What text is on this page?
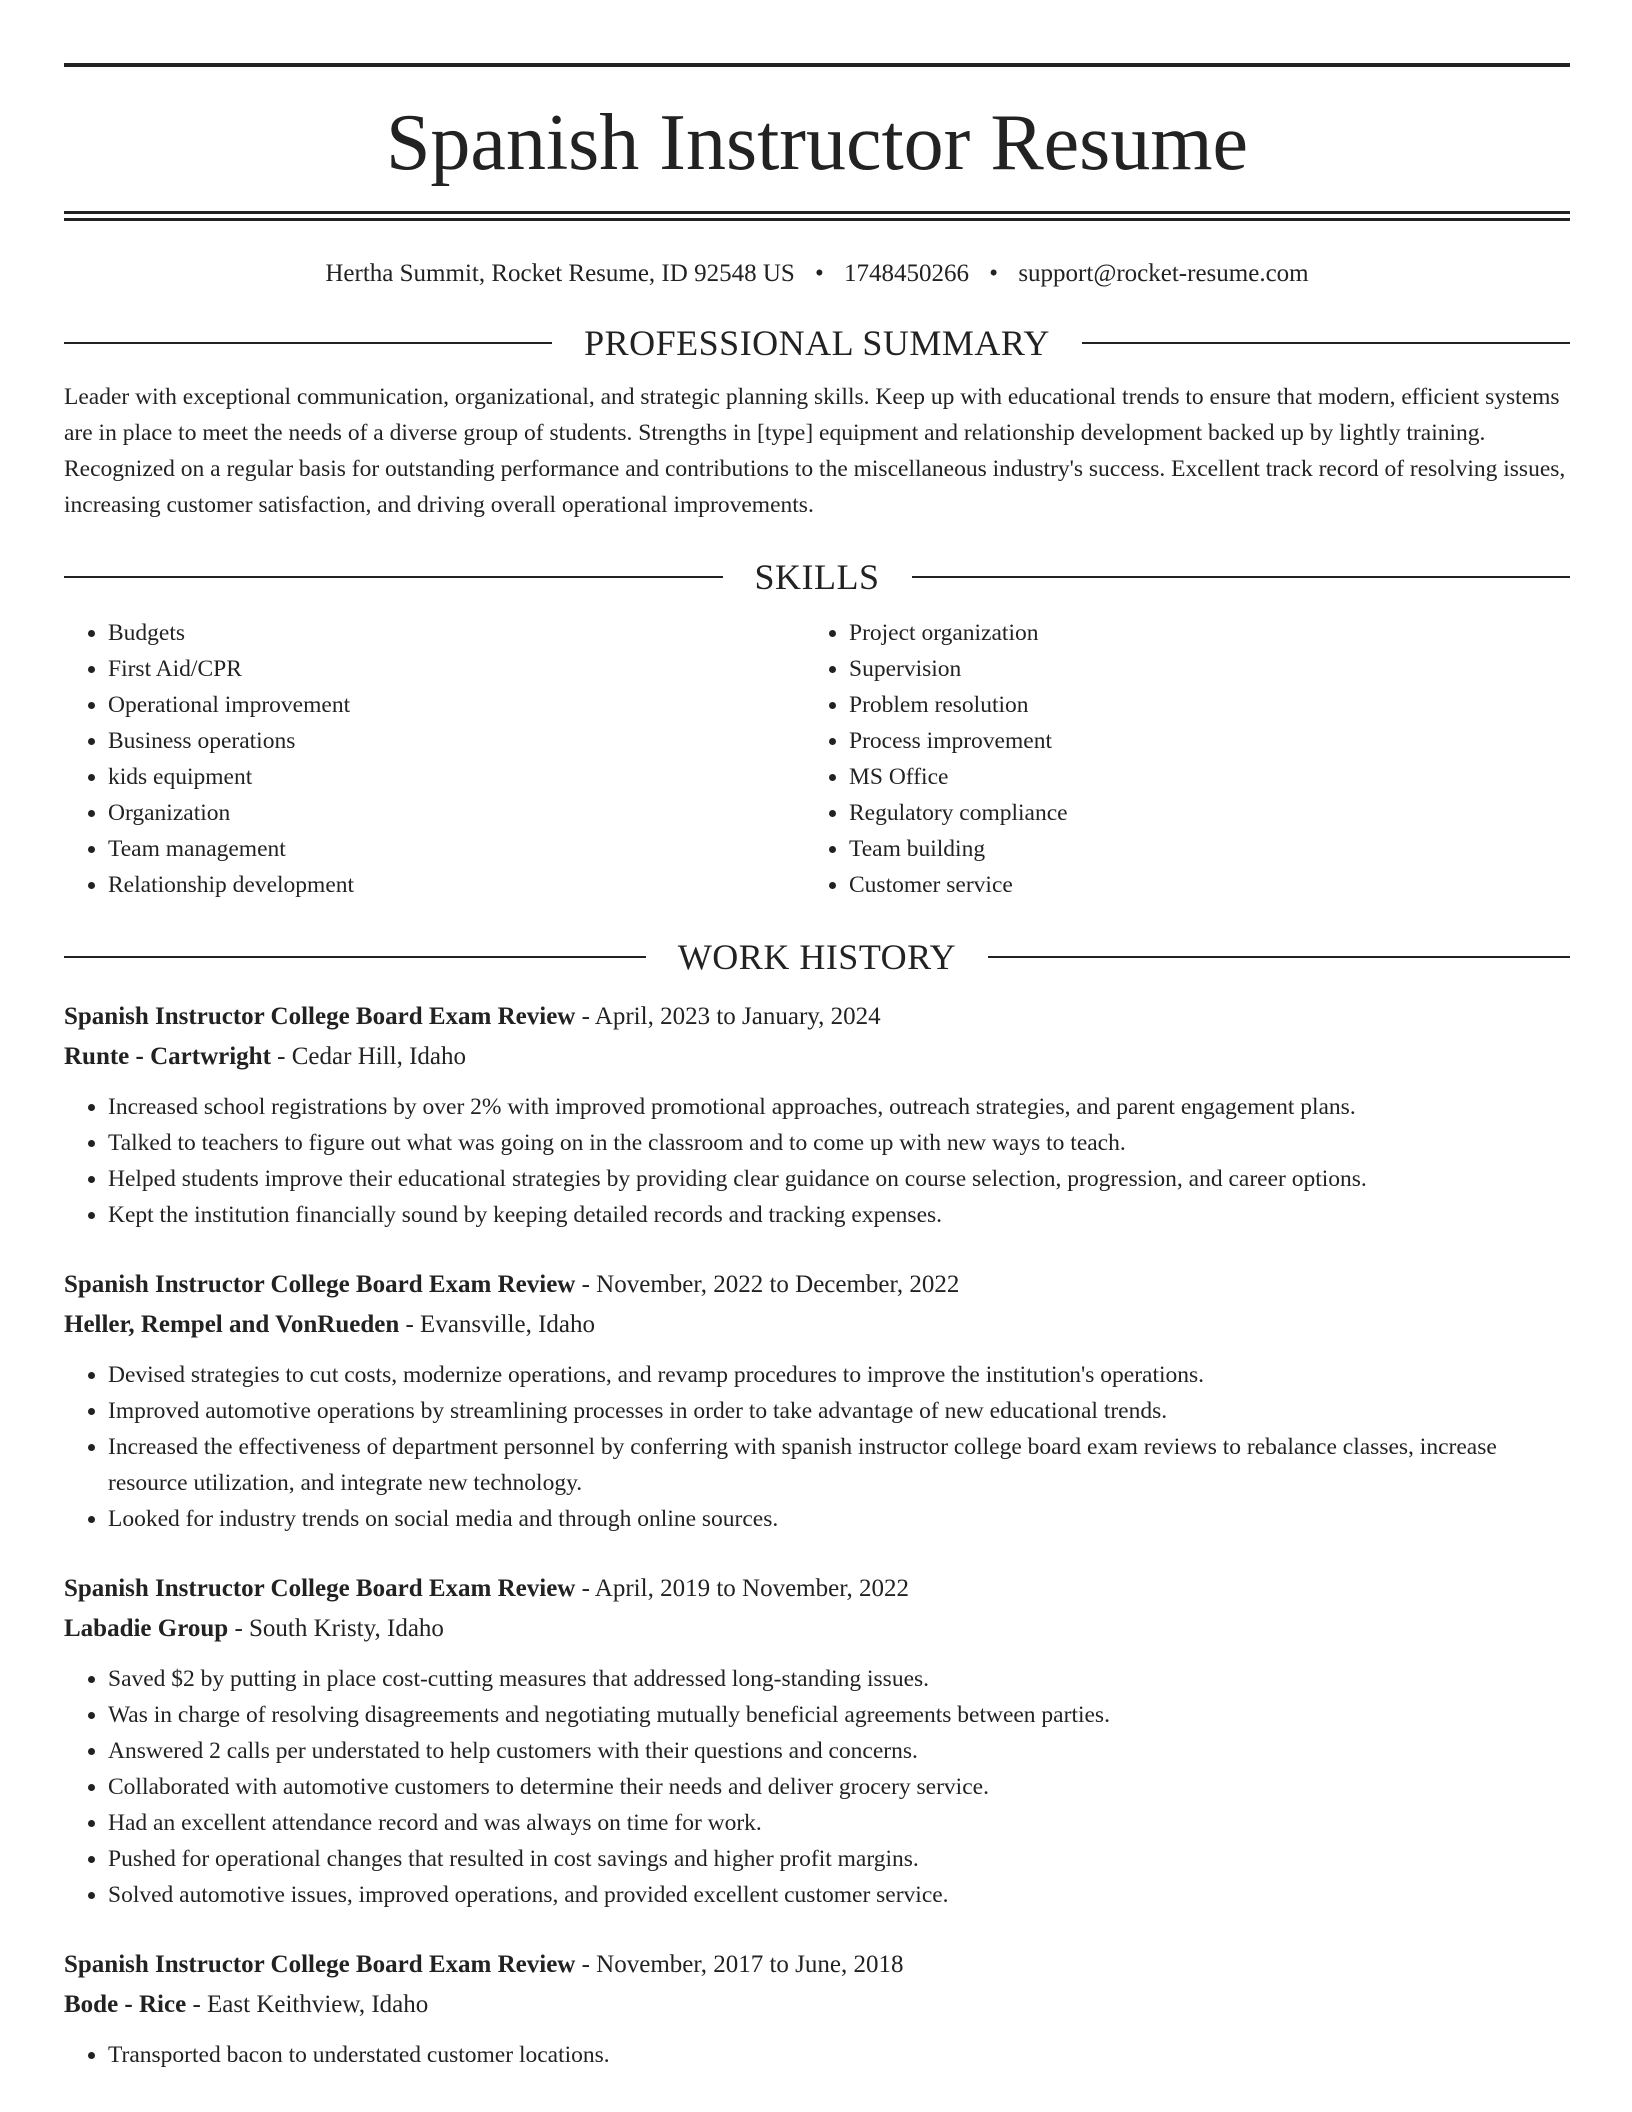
Spanish Instructor Resume
Hertha Summit, Rocket Resume, ID 92548 US • 1748450266 • support@rocket-resume.com
PROFESSIONAL SUMMARY
Leader with exceptional communication, organizational, and strategic planning skills. Keep up with educational trends to ensure that modern, efficient systems are in place to meet the needs of a diverse group of students. Strengths in [type] equipment and relationship development backed up by lightly training. Recognized on a regular basis for outstanding performance and contributions to the miscellaneous industry's success. Excellent track record of resolving issues, increasing customer satisfaction, and driving overall operational improvements.
SKILLS
• Budgets
• First Aid/CPR
• Operational improvement
• Business operations
• kids equipment
• Organization
• Team management
• Relationship development
• Project organization
• Supervision
• Problem resolution
• Process improvement
• MS Office
• Regulatory compliance
• Team building
• Customer service
WORK HISTORY
Spanish Instructor College Board Exam Review - April, 2023 to January, 2024
Runte - Cartwright - Cedar Hill, Idaho
• Increased school registrations by over 2% with improved promotional approaches, outreach strategies, and parent engagement plans.
• Talked to teachers to figure out what was going on in the classroom and to come up with new ways to teach.
• Helped students improve their educational strategies by providing clear guidance on course selection, progression, and career options.
• Kept the institution financially sound by keeping detailed records and tracking expenses.
Spanish Instructor College Board Exam Review - November, 2022 to December, 2022
Heller, Rempel and VonRueden - Evansville, Idaho
• Devised strategies to cut costs, modernize operations, and revamp procedures to improve the institution's operations.
• Improved automotive operations by streamlining processes in order to take advantage of new educational trends.
• Increased the effectiveness of department personnel by conferring with spanish instructor college board exam reviews to rebalance classes, increase resource utilization, and integrate new technology.
• Looked for industry trends on social media and through online sources.
Spanish Instructor College Board Exam Review - April, 2019 to November, 2022
Labadie Group - South Kristy, Idaho
• Saved $2 by putting in place cost-cutting measures that addressed long-standing issues.
• Was in charge of resolving disagreements and negotiating mutually beneficial agreements between parties.
• Answered 2 calls per understated to help customers with their questions and concerns.
• Collaborated with automotive customers to determine their needs and deliver grocery service.
• Had an excellent attendance record and was always on time for work.
• Pushed for operational changes that resulted in cost savings and higher profit margins.
• Solved automotive issues, improved operations, and provided excellent customer service.
Spanish Instructor College Board Exam Review - November, 2017 to June, 2018
Bode - Rice - East Keithview, Idaho
• Transported bacon to understated customer locations.
